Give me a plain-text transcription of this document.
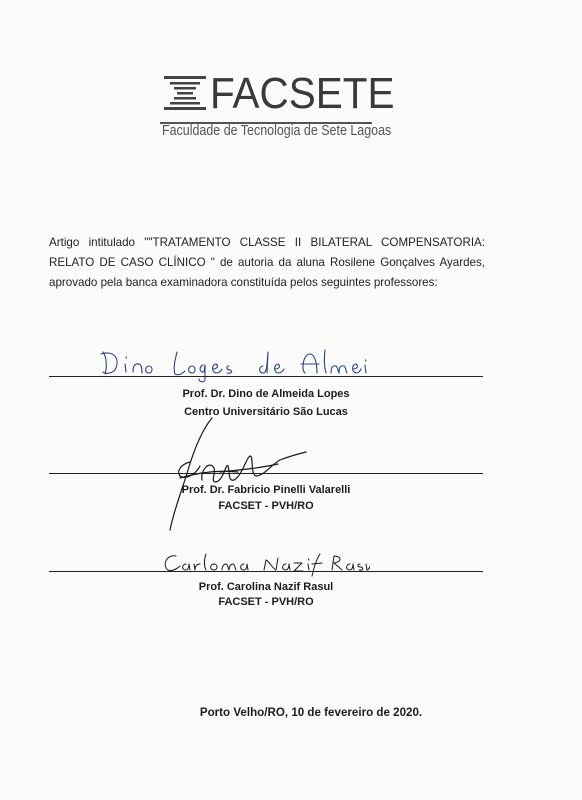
FACSETE
Faculdade de Tecnologia de Sete Lagoas
Artigo intitulado ""TRATAMENTO CLASSE II BILATERAL COMPENSATORIA:
RELATO DE CASO CLÍNICO " de autoria da aluna Rosilene Gonçalves Ayardes,
aprovado pela banca examinadora constituída pelos seguintes professores:
Prof. Dr. Dino de Almeida Lopes
Centro Universitário São Lucas
Prof. Dr. Fabricio Pinelli Valarelli
FACSET - PVH/RO
Prof. Carolina Nazif Rasul
FACSET - PVH/RO
Porto Velho/RO, 10 de fevereiro de 2020.
